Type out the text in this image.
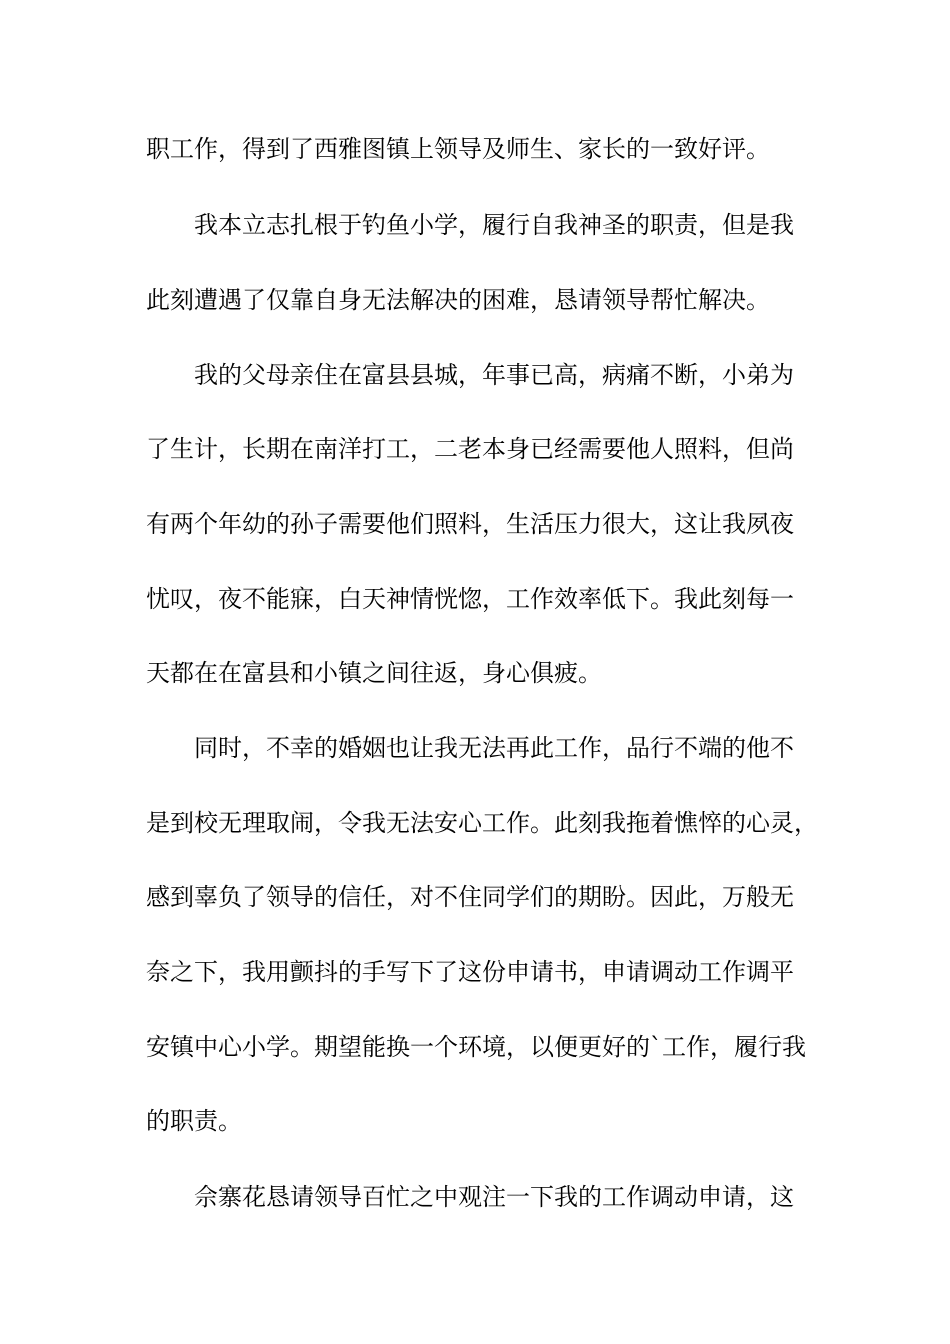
职工作，得到了西雅图镇上领导及师生、家长的一致好评。
我本立志扎根于钓鱼小学，履行自我神圣的职责，但是我
此刻遭遇了仅靠自身无法解决的困难，恳请领导帮忙解决。
我的父母亲住在富县县城，年事已高，病痛不断，小弟为
了生计，长期在南洋打工，二老本身已经需要他人照料，但尚
有两个年幼的孙子需要他们照料，生活压力很大，这让我夙夜
忧叹，夜不能寐，白天神情恍惚，工作效率低下。我此刻每一
天都在在富县和小镇之间往返，身心俱疲。
同时，不幸的婚姻也让我无法再此工作，品行不端的他不
是到校无理取闹，令我无法安心工作。此刻我拖着憔悴的心灵，
感到辜负了领导的信任，对不住同学们的期盼。因此，万般无
奈之下，我用颤抖的手写下了这份申请书，申请调动工作调平
安镇中心小学。期望能换一个环境，以便更好的`工作，履行我
的职责。
佘寨花恳请领导百忙之中观注一下我的工作调动申请，这
